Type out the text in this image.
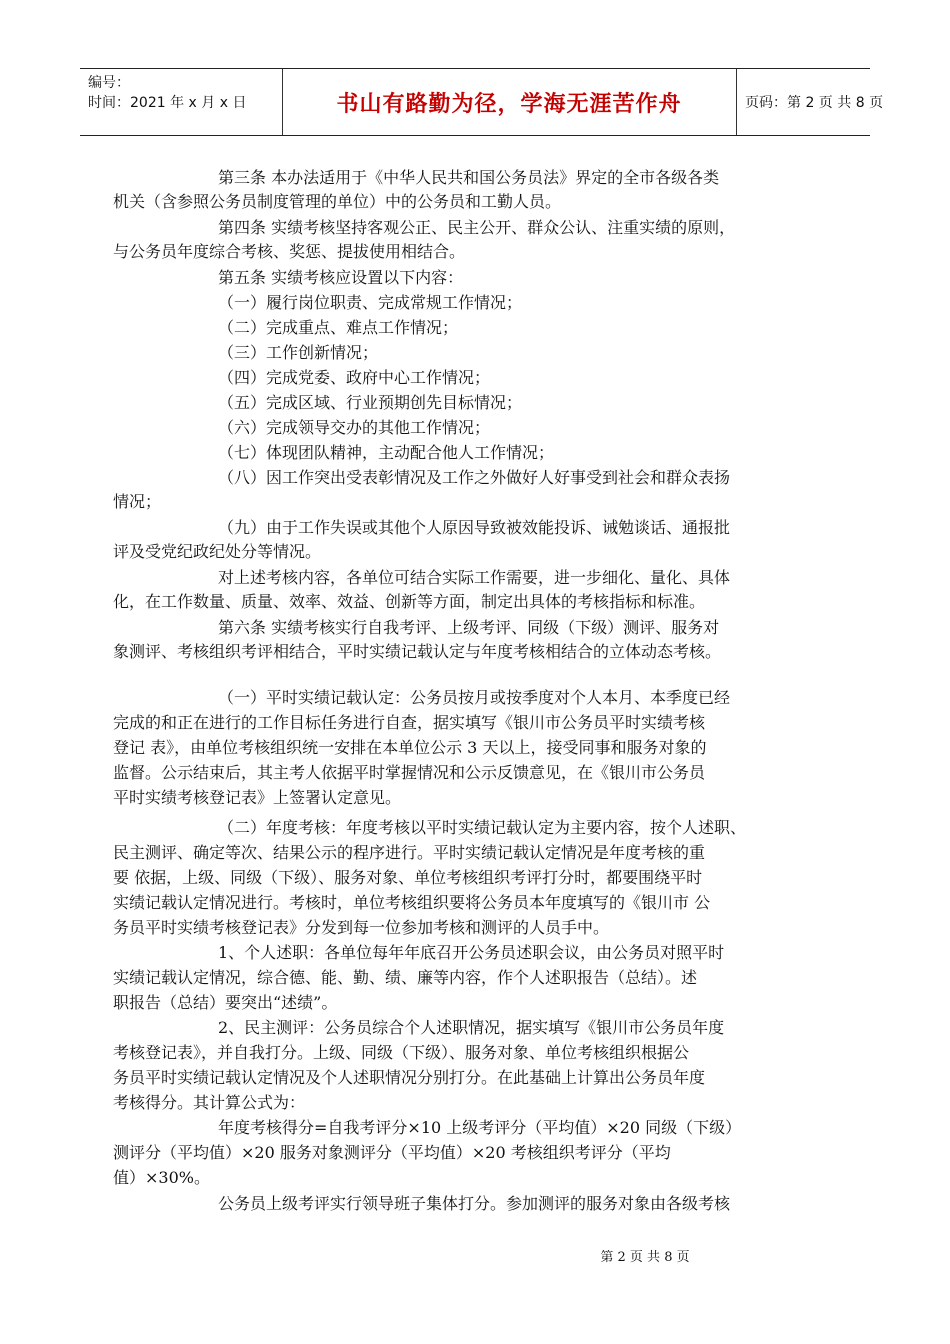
编号：
时间：2021 年 x 月 x 日	书山有路勤为径，学海无涯苦作舟	页码：第 2 页 共 8 页
第三条 本办法适用于《中华人民共和国公务员法》界定的全市各级各类
机关（含参照公务员制度管理的单位）中的公务员和工勤人员。
第四条 实绩考核坚持客观公正、民主公开、群众公认、注重实绩的原则，
与公务员年度综合考核、奖惩、提拔使用相结合。
第五条 实绩考核应设置以下内容：
（一）履行岗位职责、完成常规工作情况；
（二）完成重点、难点工作情况；
（三）工作创新情况；
（四）完成党委、政府中心工作情况；
（五）完成区域、行业预期创先目标情况；
（六）完成领导交办的其他工作情况；
（七）体现团队精神，主动配合他人工作情况；
（八）因工作突出受表彰情况及工作之外做好人好事受到社会和群众表扬
情况；
（九）由于工作失误或其他个人原因导致被效能投诉、诫勉谈话、通报批
评及受党纪政纪处分等情况。
对上述考核内容，各单位可结合实际工作需要，进一步细化、量化、具体
化，在工作数量、质量、效率、效益、创新等方面，制定出具体的考核指标和标准。
第六条 实绩考核实行自我考评、上级考评、同级（下级）测评、服务对
象测评、考核组织考评相结合，平时实绩记载认定与年度考核相结合的立体动态考核。
（一）平时实绩记载认定：公务员按月或按季度对个人本月、本季度已经
完成的和正在进行的工作目标任务进行自查，据实填写《银川市公务员平时实绩考核
登记 表》，由单位考核组织统一安排在本单位公示 3 天以上，接受同事和服务对象的
监督。公示结束后，其主考人依据平时掌握情况和公示反馈意见，在《银川市公务员
平时实绩考核登记表》上签署认定意见。
（二）年度考核：年度考核以平时实绩记载认定为主要内容，按个人述职、
民主测评、确定等次、结果公示的程序进行。平时实绩记载认定情况是年度考核的重
要 依据，上级、同级（下级）、服务对象、单位考核组织考评打分时，都要围绕平时
实绩记载认定情况进行。考核时，单位考核组织要将公务员本年度填写的《银川市 公
务员平时实绩考核登记表》分发到每一位参加考核和测评的人员手中。
1、个人述职：各单位每年年底召开公务员述职会议，由公务员对照平时
实绩记载认定情况，综合德、能、勤、绩、廉等内容，作个人述职报告（总结）。述
职报告（总结）要突出“述绩”。
2、民主测评：公务员综合个人述职情况，据实填写《银川市公务员年度
考核登记表》，并自我打分。上级、同级（下级）、服务对象、单位考核组织根据公
务员平时实绩记载认定情况及个人述职情况分别打分。在此基础上计算出公务员年度
考核得分。其计算公式为：
年度考核得分=自我考评分×10 上级考评分（平均值）×20 同级（下级）
测评分（平均值）×20 服务对象测评分（平均值）×20 考核组织考评分（平均
值）×30%。
公务员上级考评实行领导班子集体打分。参加测评的服务对象由各级考核
第 2 页 共 8 页
